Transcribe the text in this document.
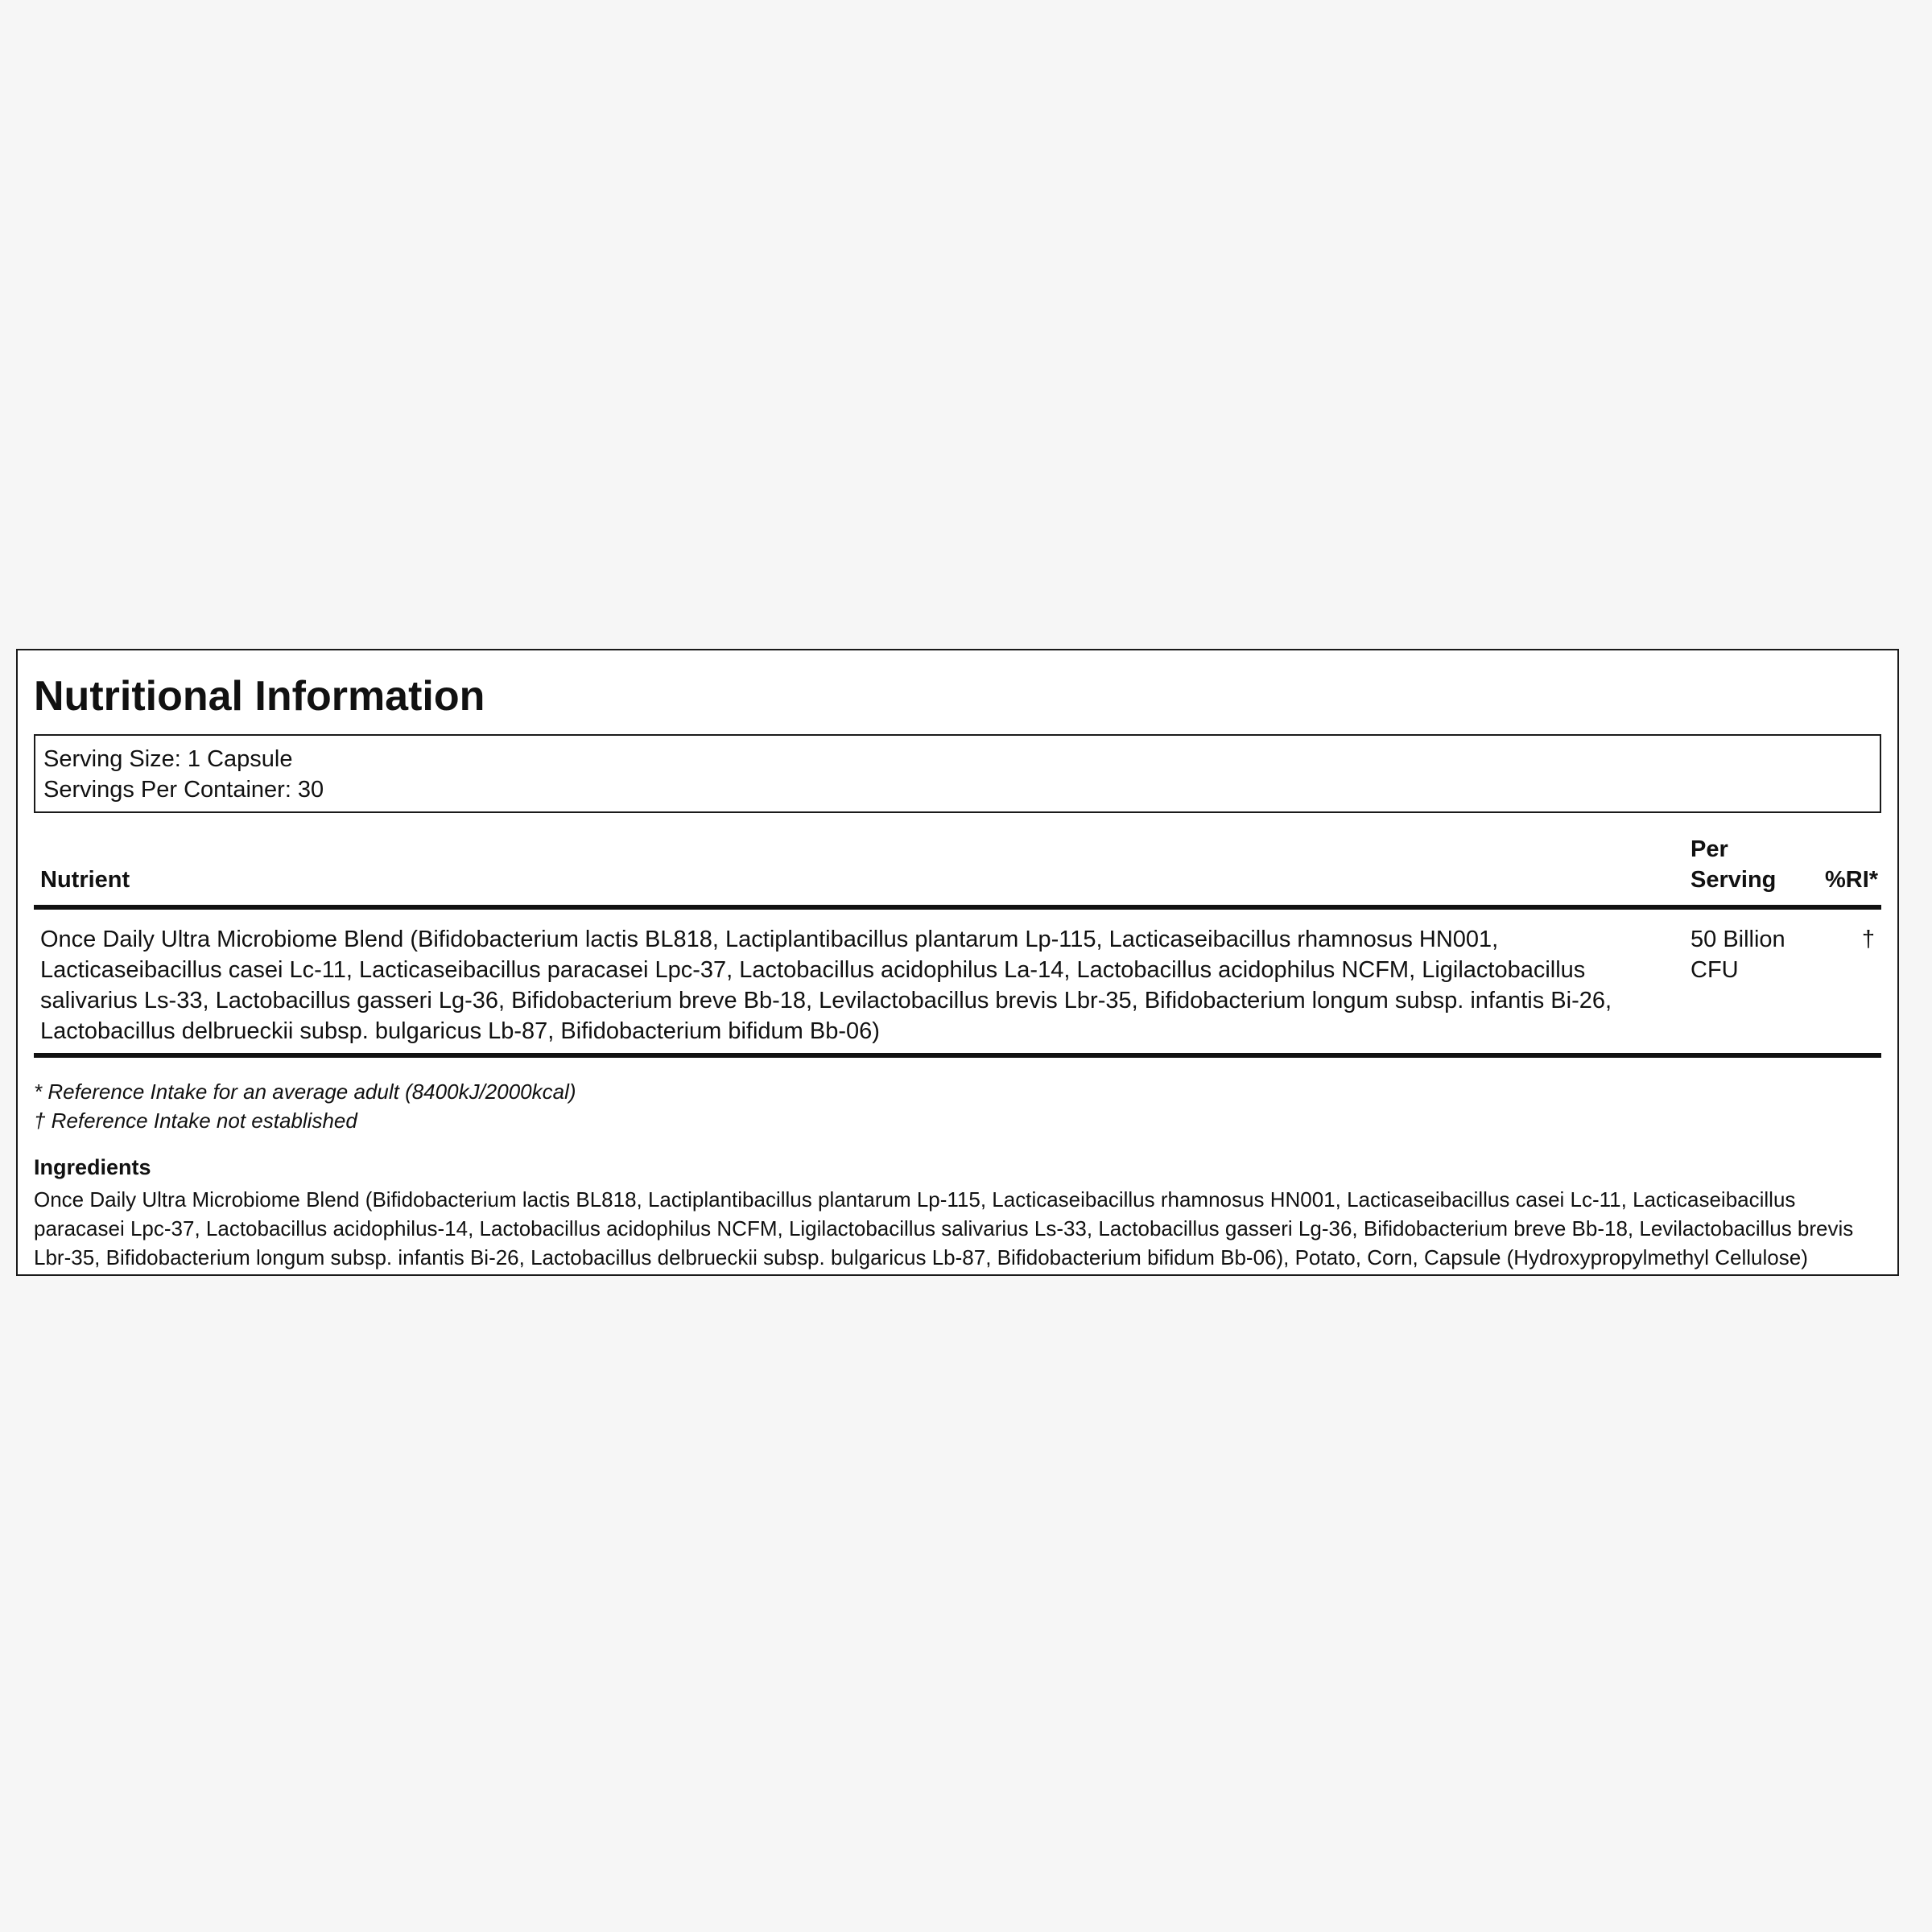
Nutritional Information
Serving Size: 1 Capsule
Servings Per Container: 30
Nutrient	Per Serving	%RI*
Once Daily Ultra Microbiome Blend (Bifidobacterium lactis BL818, Lactiplantibacillus plantarum Lp-115, Lacticaseibacillus rhamnosus HN001, Lacticaseibacillus casei Lc-11, Lacticaseibacillus paracasei Lpc-37, Lactobacillus acidophilus La-14, Lactobacillus acidophilus NCFM, Ligilactobacillus salivarius Ls-33, Lactobacillus gasseri Lg-36, Bifidobacterium breve Bb-18, Levilactobacillus brevis Lbr-35, Bifidobacterium longum subsp. infantis Bi-26, Lactobacillus delbrueckii subsp. bulgaricus Lb-87, Bifidobacterium bifidum Bb-06)	50 Billion CFU	†
* Reference Intake for an average adult (8400kJ/2000kcal)
† Reference Intake not established
Ingredients
Once Daily Ultra Microbiome Blend (Bifidobacterium lactis BL818, Lactiplantibacillus plantarum Lp-115, Lacticaseibacillus rhamnosus HN001, Lacticaseibacillus casei Lc-11, Lacticaseibacillus paracasei Lpc-37, Lactobacillus acidophilus-14, Lactobacillus acidophilus NCFM, Ligilactobacillus salivarius Ls-33, Lactobacillus gasseri Lg-36, Bifidobacterium breve Bb-18, Levilactobacillus brevis Lbr-35, Bifidobacterium longum subsp. infantis Bi-26, Lactobacillus delbrueckii subsp. bulgaricus Lb-87, Bifidobacterium bifidum Bb-06), Potato, Corn, Capsule (Hydroxypropylmethyl Cellulose)
